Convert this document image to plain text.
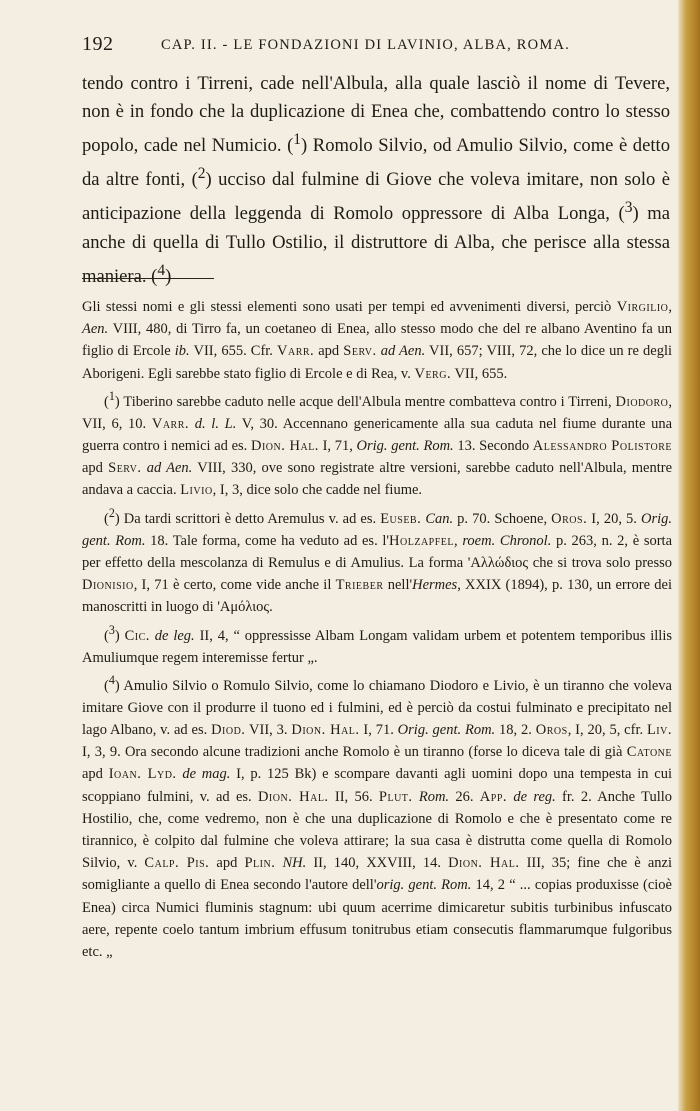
192	CAP. II. - LE FONDAZIONI DI LAVINIO, ALBA, ROMA.

tendo contro i Tirreni, cade nell'Albula, alla quale lasciò il nome di Tevere, non è in fondo che la duplicazione di Enea che, combattendo contro lo stesso popolo, cade nel Numicio. ($^1$) Romolo Silvio, od Amulio Silvio, come è detto da altre fonti, ($^2$) ucciso dal fulmine di Giove che voleva imitare, non solo è anticipazione della leggenda di Romolo oppressore di Alba Longa, ($^3$) ma anche di quella di Tullo Ostilio, il distruttore di Alba, che perisce alla stessa maniera. ($^4$)

Gli stessi nomi e gli stessi elementi sono usati per tempi ed avvenimenti diversi, perciò Virgilio, Aen. VIII, 480, di Tirro fa, un coetaneo di Enea, allo stesso modo che del re albano Aventino fa un figlio di Ercole ib. VII, 655. Cfr. Varr. apd Serv. ad Aen. VII, 657; VIII, 72, che lo dice un re degli Aborigeni. Egli sarebbe stato figlio di Ercole e di Rea, v. Verg. VII, 655.

($^1$) Tiberino sarebbe caduto nelle acque dell'Albula mentre combatteva contro i Tirreni, Diodoro, VII, 6, 10. Varr. d. l. L. V, 30. Accennano genericamente alla sua caduta nel fiume durante una guerra contro i nemici ad es. Dion. Hal. I, 71, Orig. gent. Rom. 13. Secondo Alessandro Polistore apd Serv. ad Aen. VIII, 330, ove sono registrate altre versioni, sarebbe caduto nell'Albula, mentre andava a caccia. Livio, I, 3, dice solo che cadde nel fiume.

($^2$) Da tardi scrittori è detto Aremulus v. ad es. Euseb. Can. p. 70. Schoene, Oros. I, 20, 5. Orig. gent. Rom. 18. Tale forma, come ha veduto ad es. l'Holzapfel, roem. Chronol. p. 263, n. 2, è sorta per effetto della mescolanza di Remulus e di Amulius. La forma 'Αλλώδιος che si trova solo presso Dionisio, I, 71 è certo, come vide anche il Trieber nell'Hermes, XXIX (1894), p. 130, un errore dei manoscritti in luogo di 'Αμόλιος.

($^3$) Cic. de leg. II, 4, “ oppressisse Albam Longam validam urbem et potentem temporibus illis Amuliumque regem interemisse fertur „.

($^4$) Amulio Silvio o Romulo Silvio, come lo chiamano Diodoro e Livio, è un tiranno che voleva imitare Giove con il produrre il tuono ed i fulmini, ed è perciò da costui fulminato e precipitato nel lago Albano, v. ad es. Diod. VII, 3. Dion. Hal. I, 71. Orig. gent. Rom. 18, 2. Oros, I, 20, 5, cfr. Liv. I, 3, 9. Ora secondo alcune tradizioni anche Romolo è un tiranno (forse lo diceva tale di già Catone apd Ioan. Lyd. de mag. I, p. 125 Bk) e scompare davanti agli uomini dopo una tempesta in cui scoppiano fulmini, v. ad es. Dion. Hal. II, 56. Plut. Rom. 26. App. de reg. fr. 2. Anche Tullo Hostilio, che, come vedremo, non è che una duplicazione di Romolo e che è presentato come re tirannico, è colpito dal fulmine che voleva attirare; la sua casa è distrutta come quella di Romolo Silvio, v. Calp. Pis. apd Plin. NH. II, 140, XXVIII, 14. Dion. Hal. III, 35; fine che è anzi somigliante a quello di Enea secondo l'autore dell'orig. gent. Rom. 14, 2 “ ... copias produxisse (cioè Enea) circa Numici fluminis stagnum: ubi quum acerrime dimicaretur subitis turbinibus infuscato aere, repente coelo tantum imbrium effusum tonitrubus etiam consecutis flammarumque fulgoribus etc. „
